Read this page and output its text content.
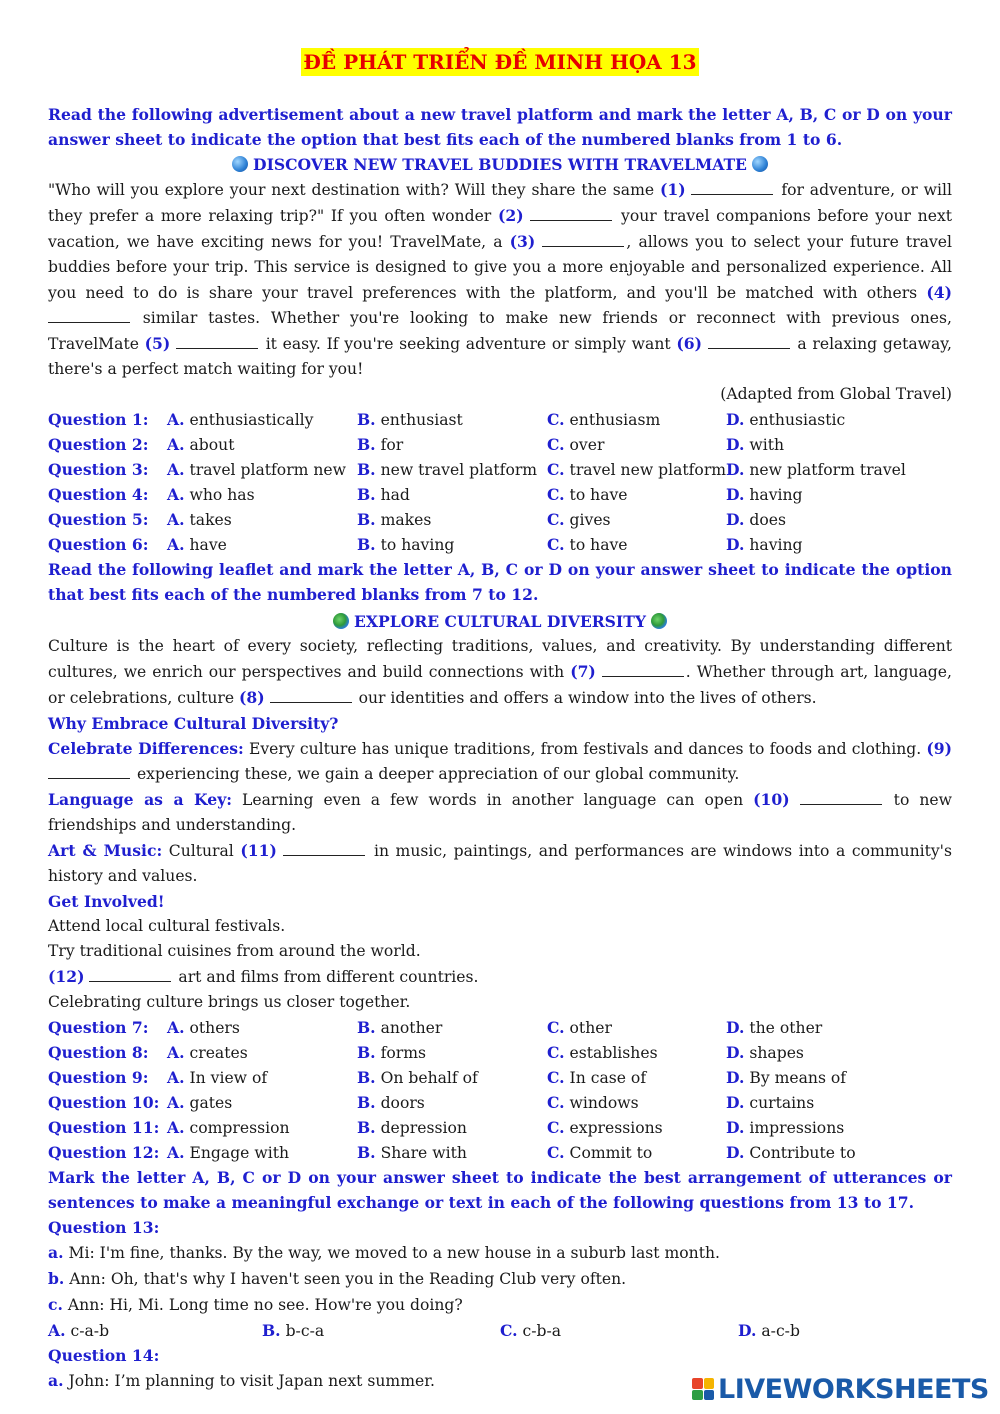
ĐỀ PHÁT TRIỂN ĐỀ MINH HỌA 13

Read the following advertisement about a new travel platform and mark the letter A, B, C or D on your answer sheet to indicate the option that best fits each of the numbered blanks from 1 to 6.

DISCOVER NEW TRAVEL BUDDIES WITH TRAVELMATE

"Who will you explore your next destination with? Will they share the same (1)	for adventure, or will they prefer a more relaxing trip?" If you often wonder (2)	your travel companions before your next vacation, we have exciting news for you! TravelMate, a (3)	, allows you to select your future travel buddies before your trip. This service is designed to give you a more enjoyable and personalized experience. All you need to do is share your travel preferences with the platform, and you'll be matched with others (4)  similar tastes. Whether you're looking to make new friends or reconnect with previous ones, TravelMate (5)	it easy. If you're seeking adventure or simply want (6)	a relaxing getaway, there's a perfect match waiting for you!

(Adapted from Global Travel)

Question 1:	A. enthusiastically	B. enthusiast	C. enthusiasm	D. enthusiastic
Question 2:	A. about	B. for	C. over	D. with
Question 3:	A. travel platform new B. new travel platform C. travel new platform D. new platform travel
Question 4:	A. who has	B. had	C. to have	D. having
Question 5:	A. takes	B. makes	C. gives	D. does
Question 6:	A. have	B. to having	C. to have	D. having

Read the following leaflet and mark the letter A, B, C or D on your answer sheet to indicate the option that best fits each of the numbered blanks from 7 to 12.

EXPLORE CULTURAL DIVERSITY

Culture is the heart of every society, reflecting traditions, values, and creativity. By understanding different cultures, we enrich our perspectives and build connections with (7)	. Whether through art, language, or celebrations, culture (8)	our identities and offers a window into the lives of others.

Why Embrace Cultural Diversity?

Celebrate Differences: Every culture has unique traditions, from festivals and dances to foods and clothing. (9)  experiencing these, we gain a deeper appreciation of our global community.

Language as a Key: Learning even a few words in another language can open (10)	to new friendships and understanding.

Art & Music: Cultural (11)	in music, paintings, and performances are windows into a community's history and values.

Get Involved!

Attend local cultural festivals.

Try traditional cuisines from around the world.

(12)	art and films from different countries.

Celebrating culture brings us closer together.

Question 7:	A. others	B. another	C. other	D. the other
Question 8:	A. creates	B. forms	C. establishes	D. shapes
Question 9:	A. In view of	B. On behalf of	C. In case of	D. By means of
Question 10: A. gates	B. doors	C. windows	D. curtains
Question 11: A. compression	B. depression	C. expressions	D. impressions
Question 12: A. Engage with	B. Share with	C. Commit to	D. Contribute to

Mark the letter A, B, C or D on your answer sheet to indicate the best arrangement of utterances or sentences to make a meaningful exchange or text in each of the following questions from 13 to 17.

Question 13:

a. Mi: I'm fine, thanks. By the way, we moved to a new house in a suburb last month.

b. Ann: Oh, that's why I haven't seen you in the Reading Club very often.

c. Ann: Hi, Mi. Long time no see. How're you doing?

A. c-a-b	B. b-c-a	C. c-b-a	D. a-c-b

Question 14:

a. John: I’m planning to visit Japan next summer.	LIVEWORKSHEETS
